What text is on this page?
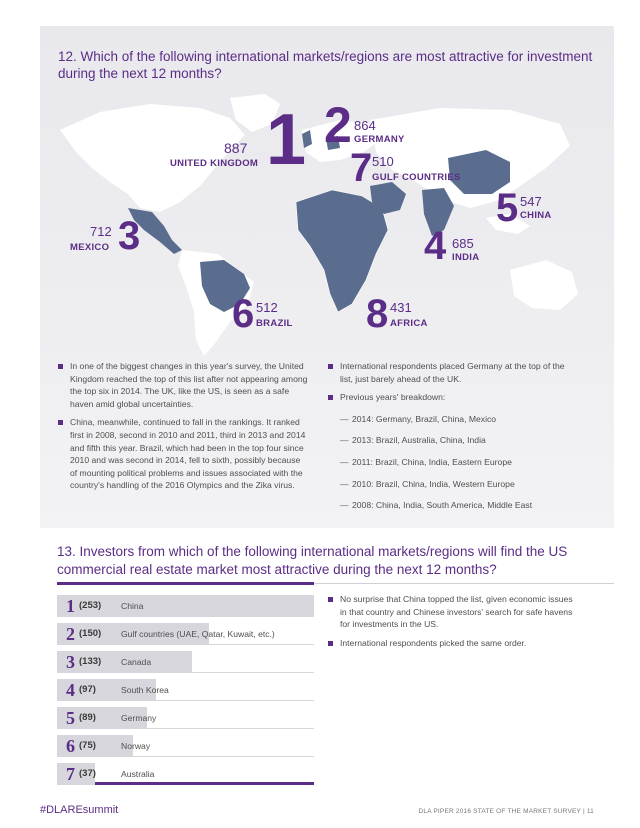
12. Which of the following international markets/regions are most attractive for investment during the next 12 months?
887
UNITED KINGDOM 1 2 864
GERMANY
7 510
GULF COUNTRIES
5 547
CHINA
4 685
INDIA
712
MEXICO 3
6 512
BRAZIL 8 431
AFRICA
In one of the biggest changes in this year's survey, the United Kingdom reached the top of this list after not appearing among the top six in 2014. The UK, like the US, is seen as a safe haven amid global uncertainties.
China, meanwhile, continued to fall in the rankings. It ranked first in 2008, second in 2010 and 2011, third in 2013 and 2014 and fifth this year. Brazil, which had been in the top four since 2010 and was second in 2014, fell to sixth, possibly because of mounting political problems and issues associated with the country's handling of the 2016 Olympics and the Zika virus.
International respondents placed Germany at the top of the list, just barely ahead of the UK.
Previous years' breakdown:
— 2014: Germany, Brazil, China, Mexico
— 2013: Brazil, Australia, China, India
— 2011: Brazil, China, India, Eastern Europe
— 2010: Brazil, China, India, Western Europe
— 2008: China, India, South America, Middle East
13. Investors from which of the following international markets/regions will find the US commercial real estate market most attractive during the next 12 months?
1 (253) China
2 (150) Gulf countries (UAE, Qatar, Kuwait, etc.)
3 (133) Canada
4 (97)	South Korea
5 (89)	Germany
6 (75)	Norway
7 (37)	Australia
No surprise that China topped the list, given economic issues in that country and Chinese investors' search for safe havens for investments in the US.
International respondents picked the same order.
#DLAREsummit	DLA PIPER 2016 STATE OF THE MARKET SURVEY | 11
